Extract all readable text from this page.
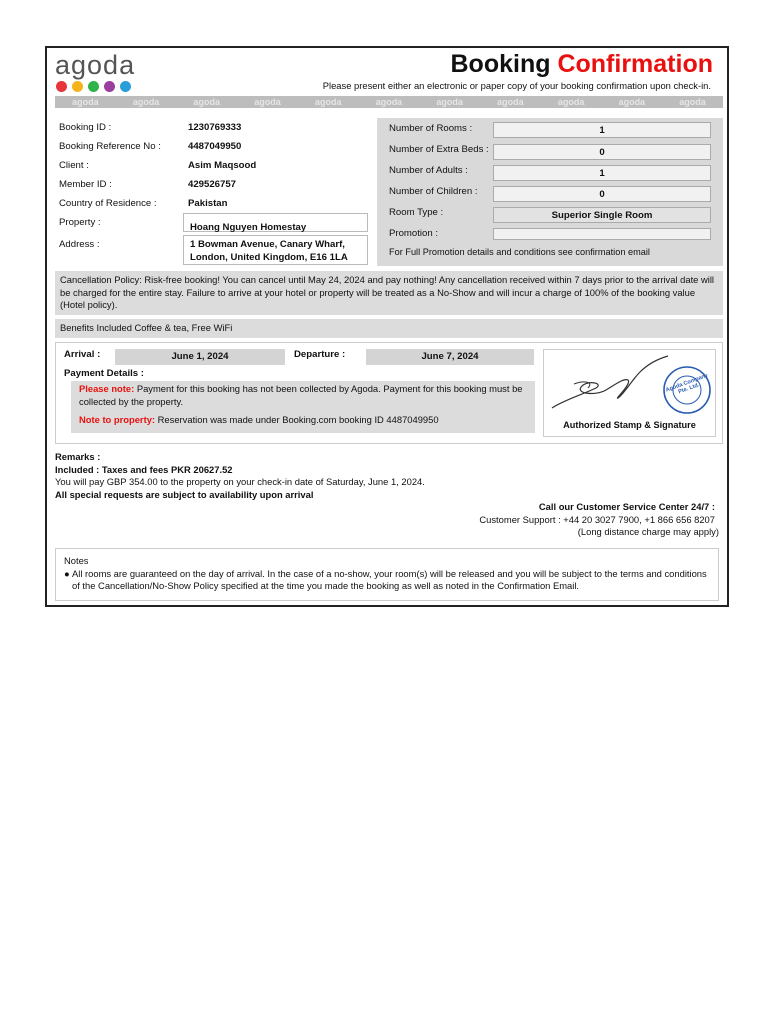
agoda	Booking Confirmation
Please present either an electronic or paper copy of your booking confirmation upon check-in.
agoda	agoda	agoda	agoda	agoda	agoda	agoda	agoda	agoda	agoda	agoda
Booking ID :	1230769333
Booking Reference No :	4487049950
Client :	Asim Maqsood
Member ID :	429526757
Country of Residence :	Pakistan
Property :	Hoang Nguyen Homestay
Address :	1 Bowman Avenue, Canary Wharf,
London, United Kingdom, E16 1LA
Number of Rooms :	1
Number of Extra Beds :	0
Number of Adults :	1
Number of Children :	0
Room Type :	Superior Single Room
Promotion :
For Full Promotion details and conditions see confirmation email
Cancellation Policy: Risk-free booking! You can cancel until May 24, 2024 and pay nothing! Any cancellation received within 7 days prior to the arrival date will be charged for the entire stay. Failure to arrive at your hotel or property will be treated as a No-Show and will incur a charge of 100% of the booking value (Hotel policy).
Benefits Included Coffee & tea, Free WiFi
Arrival :	June 1, 2024	Departure :	June 7, 2024
Payment Details :
Please note: Payment for this booking has not been collected by Agoda. Payment for this booking must be collected by the property.
Note to property: Reservation was made under Booking.com booking ID 4487049950
Agoda Company Pte. Ltd.
Authorized Stamp & Signature
Remarks :
Included : Taxes and fees PKR 20627.52
You will pay GBP 354.00 to the property on your check-in date of Saturday, June 1, 2024.
All special requests are subject to availability upon arrival
Call our Customer Service Center 24/7 :
Customer Support : +44 20 3027 7900, +1 866 656 8207
(Long distance charge may apply)
Notes
● All rooms are guaranteed on the day of arrival. In the case of a no-show, your room(s) will be released and you will be subject to the terms and conditions of the Cancellation/No-Show Policy specified at the time you made the booking as well as noted in the Confirmation Email.
